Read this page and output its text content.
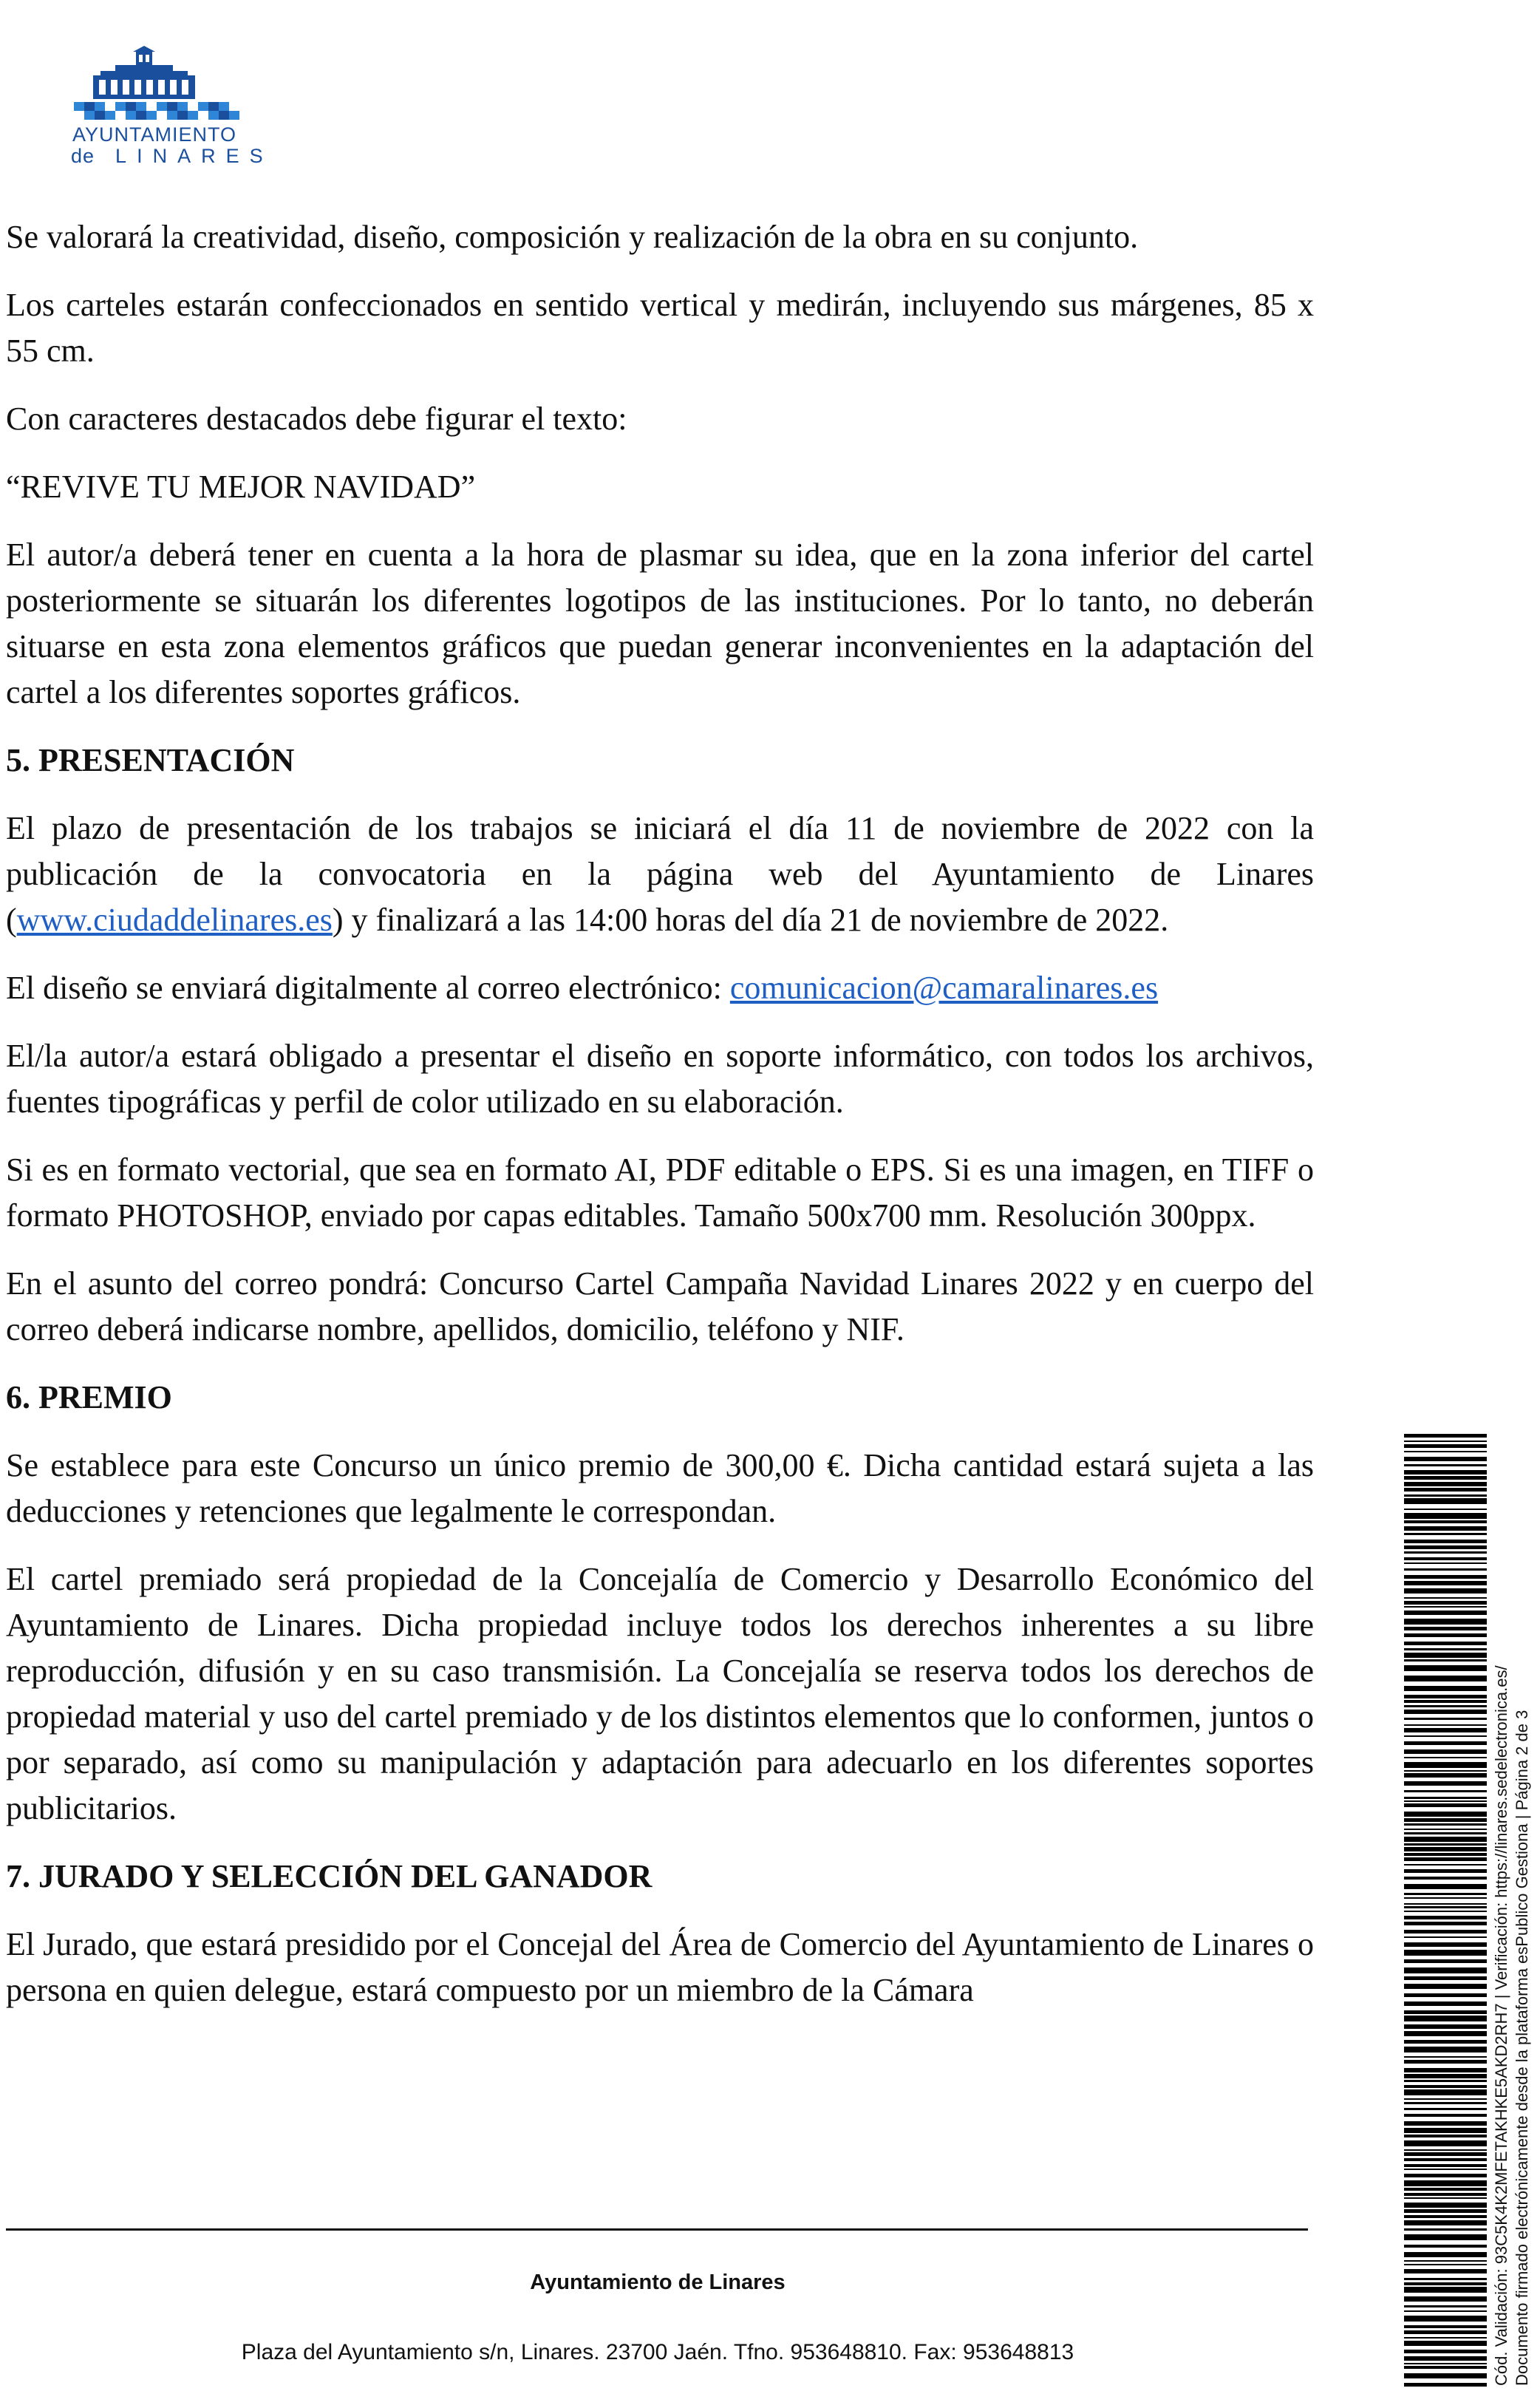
AYUNTAMIENTO
de LINARES

Se valorará la creatividad, diseño, composición y realización de la obra en su conjunto.

Los carteles estarán confeccionados en sentido vertical y medirán, incluyendo sus márgenes, 85 x 55 cm.

Con caracteres destacados debe figurar el texto:

“REVIVE TU MEJOR NAVIDAD”

El autor/a deberá tener en cuenta a la hora de plasmar su idea, que en la zona inferior del cartel posteriormente se situarán los diferentes logotipos de las instituciones. Por lo tanto, no deberán situarse en esta zona elementos gráficos que puedan generar inconvenientes en la adaptación del cartel a los diferentes soportes gráficos.

5. PRESENTACIÓN

El plazo de presentación de los trabajos se iniciará el día 11 de noviembre de 2022 con la publicación de la convocatoria en la página web del Ayuntamiento de Linares (www.ciudaddelinares.es) y finalizará a las 14:00 horas del día 21 de noviembre de 2022.

El diseño se enviará digitalmente al correo electrónico: comunicacion@camaralinares.es

El/la autor/a estará obligado a presentar el diseño en soporte informático, con todos los archivos, fuentes tipográficas y perfil de color utilizado en su elaboración.

Si es en formato vectorial, que sea en formato AI, PDF editable o EPS. Si es una imagen, en TIFF o formato PHOTOSHOP, enviado por capas editables. Tamaño 500x700 mm. Resolución 300ppx.

En el asunto del correo pondrá: Concurso Cartel Campaña Navidad Linares 2022 y en cuerpo del correo deberá indicarse nombre, apellidos, domicilio, teléfono y NIF.

6. PREMIO

Se establece para este Concurso un único premio de 300,00 €. Dicha cantidad estará sujeta a las deducciones y retenciones que legalmente le correspondan.

El cartel premiado será propiedad de la Concejalía de Comercio y Desarrollo Económico del Ayuntamiento de Linares. Dicha propiedad incluye todos los derechos inherentes a su libre reproducción, difusión y en su caso transmisión. La Concejalía se reserva todos los derechos de propiedad material y uso del cartel premiado y de los distintos elementos que lo conformen, juntos o por separado, así como su manipulación y adaptación para adecuarlo en los diferentes soportes publicitarios.

7. JURADO Y SELECCIÓN DEL GANADOR

El Jurado, que estará presidido por el Concejal del Área de Comercio del Ayuntamiento de Linares o persona en quien delegue, estará compuesto por un miembro de la Cámara

Ayuntamiento de Linares
Plaza del Ayuntamiento s/n, Linares. 23700 Jaén. Tfno. 953648810. Fax: 953648813	Cód. Validación: 93C5K4K2MFETAKHKE5AKD2RH7 | Verificación: https://linares.sedelectronica.es/ Documento firmado electrónicamente desde la plataforma esPublico Gestiona | Página 2 de 3
